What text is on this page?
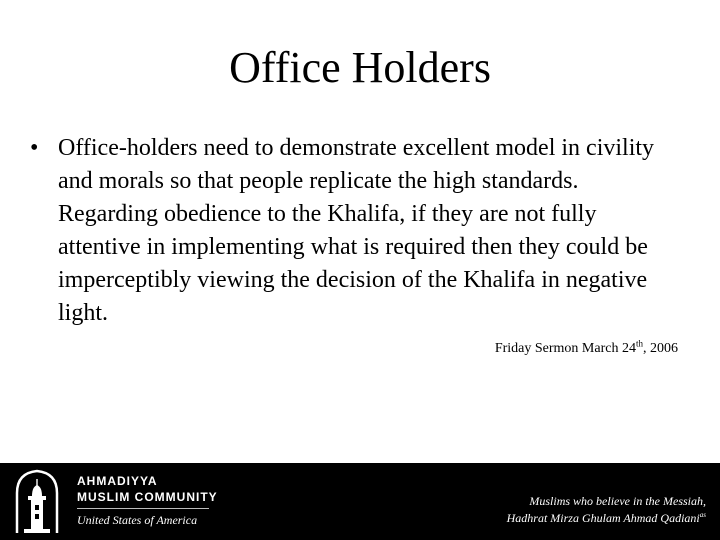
Office Holders
• Office-holders need to demonstrate excellent model in civility and morals so that people replicate the high standards. Regarding obedience to the Khalifa, if they are not fully attentive in implementing what is required then they could be imperceptibly viewing the decision of the Khalifa in negative light.
Friday Sermon March 24th, 2006
AHMADIYYA
MUSLIM COMMUNITY
United States of America
Muslims who believe in the Messiah,
Hadhrat Mirza Ghulam Ahmad Qadiani$^{as}$
